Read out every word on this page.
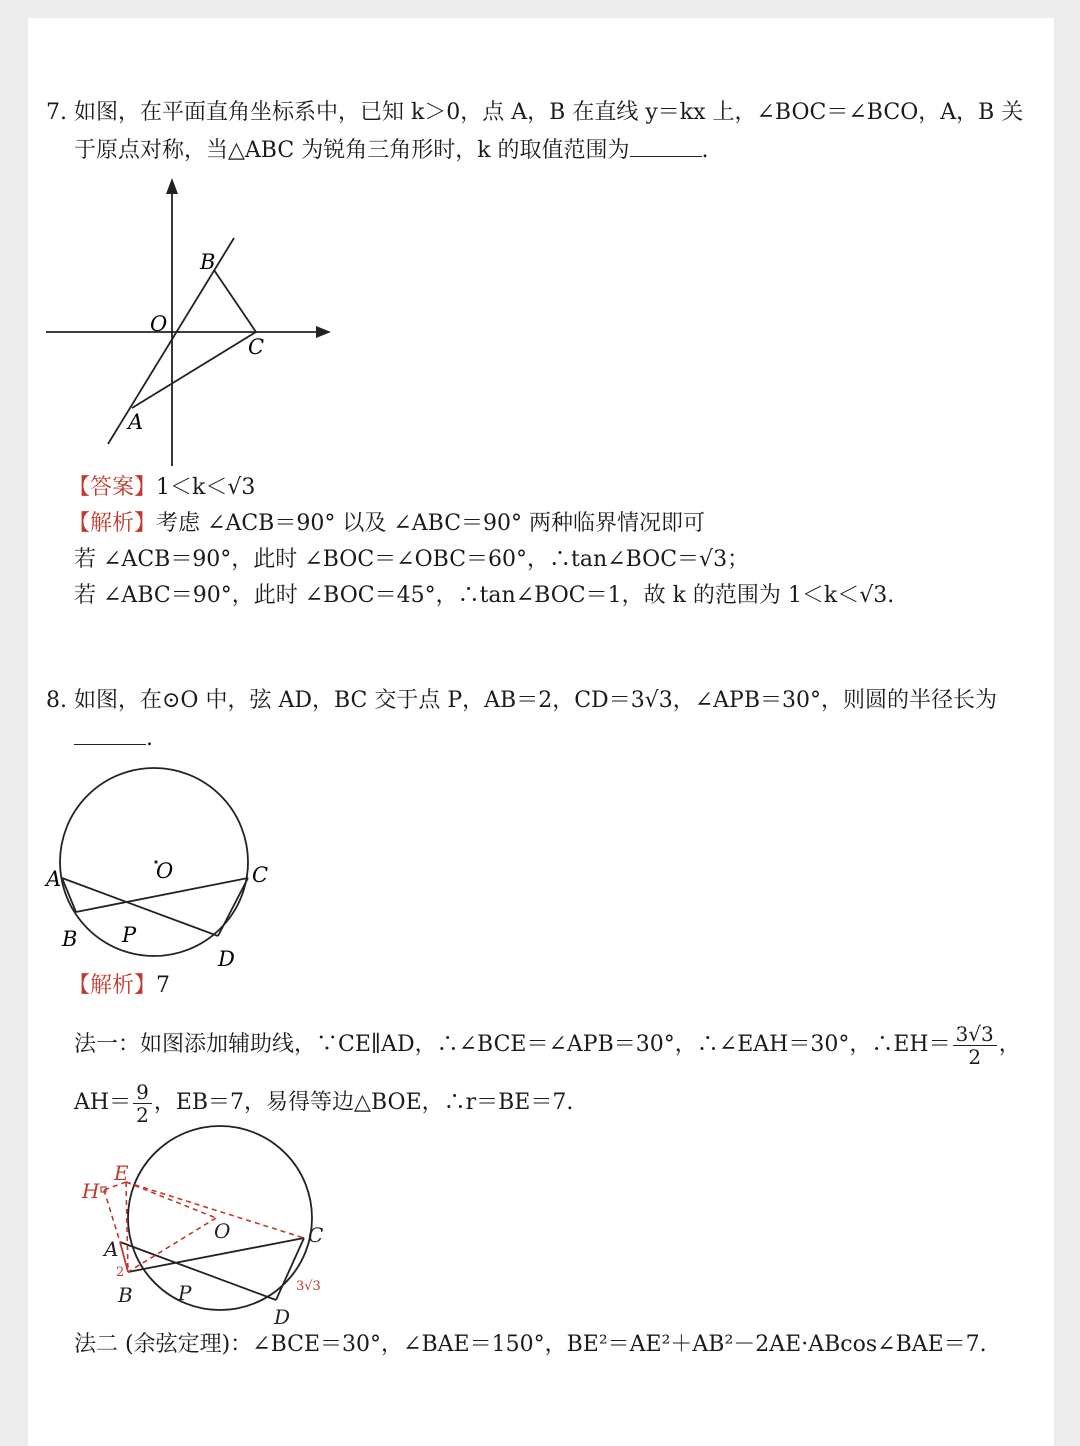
7. 如图，在平面直角坐标系中，已知 k＞0，点 A，B 在直线 y＝kx 上，∠BOC＝∠BCO，A，B 关
于原点对称，当△ABC 为锐角三角形时，k 的取值范围为	.
B
O
C
A
【答案】1＜k＜√3
【解析】考虑 ∠ACB＝90° 以及 ∠ABC＝90° 两种临界情况即可
若 ∠ACB＝90°，此时 ∠BOC＝∠OBC＝60°，∴tan∠BOC＝√3；
若 ∠ABC＝90°，此时 ∠BOC＝45°，∴tan∠BOC＝1，故 k 的范围为 1＜k＜√3.
8. 如图，在⊙O 中，弦 AD，BC 交于点 P，AB＝2，CD＝3√3，∠APB＝30°，则圆的半径长为
.
A	O	C
B P
D
【解析】7
法一：如图添加辅助线，∵CE∥AD，∴∠BCE＝∠APB＝30°，∴∠EAH＝30°，∴EH＝ $\frac{3√3}{2}$ ，
$AH= \frac{9}{2}$ ，EB＝7，易得等边△BOE，∴r＝BE＝7.
E
H
O	C
A
2
B P	3√3
D
法二 (余弦定理)：∠BCE＝30°，∠BAE＝150°，BE²＝AE²＋AB²－2AE·ABcos∠BAE＝7.
